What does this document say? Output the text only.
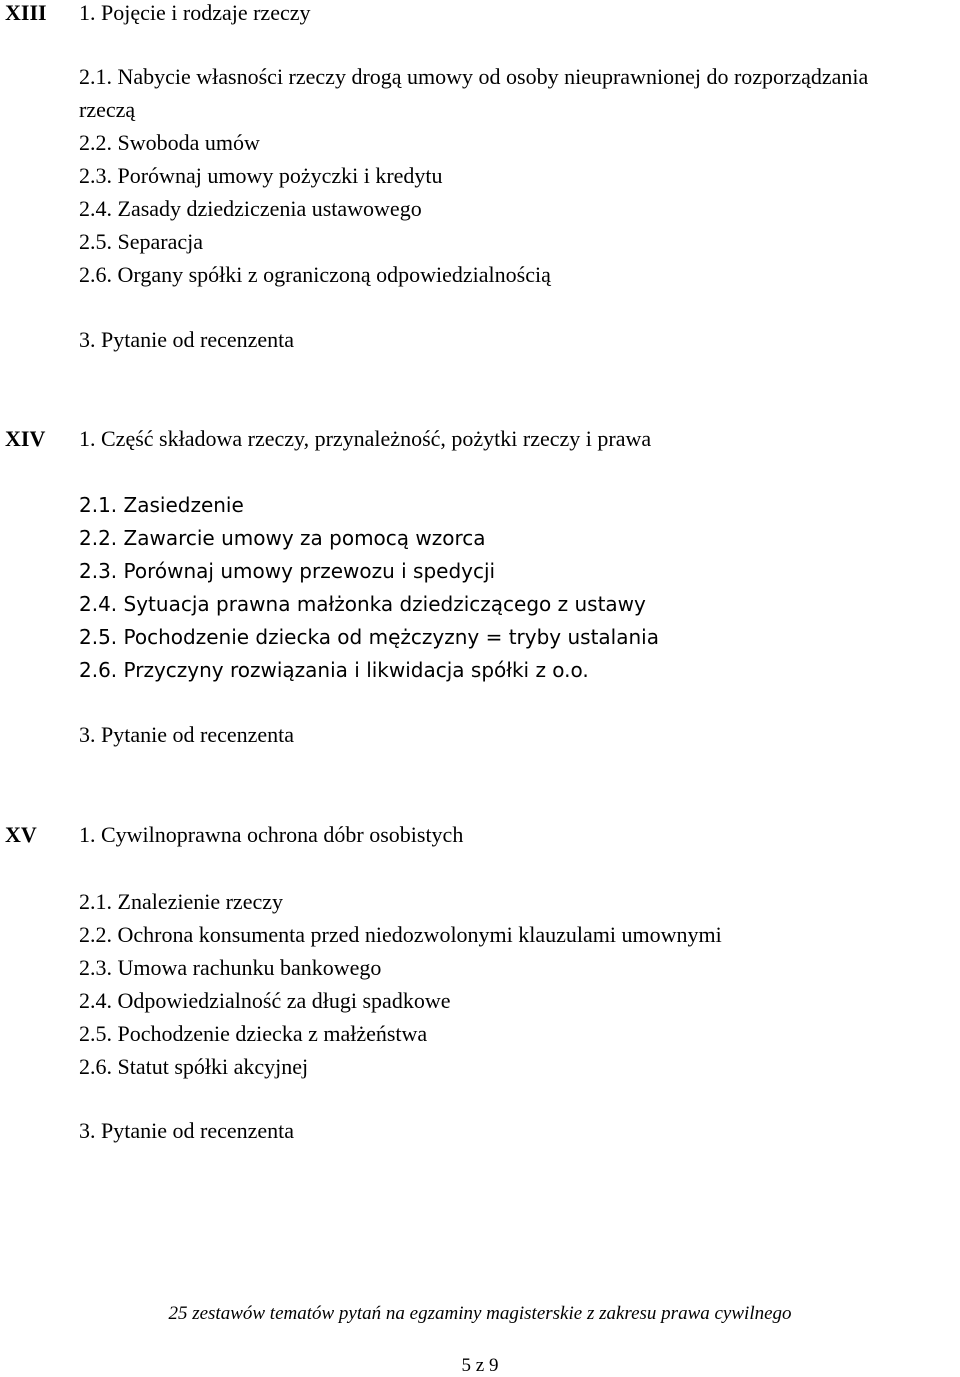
XIII 1. Pojęcie i rodzaje rzeczy
2.1. Nabycie własności rzeczy drogą umowy od osoby nieuprawnionej do rozporządzania
rzeczą
2.2. Swoboda umów
2.3. Porównaj umowy pożyczki i kredytu
2.4. Zasady dziedziczenia ustawowego
2.5. Separacja
2.6. Organy spółki z ograniczoną odpowiedzialnością
3. Pytanie od recenzenta
XIV 1. Część składowa rzeczy, przynależność, pożytki rzeczy i prawa
2.1. Zasiedzenie
2.2. Zawarcie umowy za pomocą wzorca
2.3. Porównaj umowy przewozu i spedycji
2.4. Sytuacja prawna małżonka dziedziczącego z ustawy
2.5. Pochodzenie dziecka od mężczyzny = tryby ustalania
2.6. Przyczyny rozwiązania i likwidacja spółki z o.o.
3. Pytanie od recenzenta
XV 1. Cywilnoprawna ochrona dóbr osobistych
2.1. Znalezienie rzeczy
2.2. Ochrona konsumenta przed niedozwolonymi klauzulami umownymi
2.3. Umowa rachunku bankowego
2.4. Odpowiedzialność za długi spadkowe
2.5. Pochodzenie dziecka z małżeństwa
2.6. Statut spółki akcyjnej
3. Pytanie od recenzenta
25 zestawów tematów pytań na egzaminy magisterskie z zakresu prawa cywilnego
5 z 9
